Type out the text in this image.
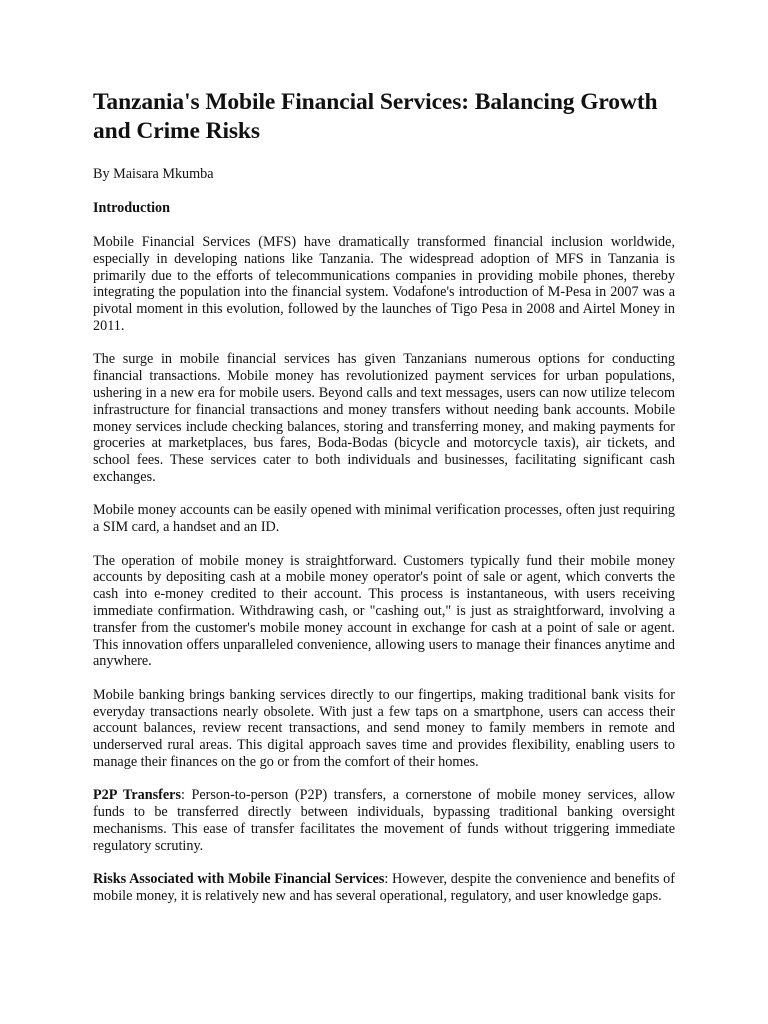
Tanzania's Mobile Financial Services: Balancing Growth and Crime Risks
By Maisara Mkumba
Introduction

Mobile Financial Services (MFS) have dramatically transformed financial inclusion worldwide, especially in developing nations like Tanzania. The widespread adoption of MFS in Tanzania is primarily due to the efforts of telecommunications companies in providing mobile phones, thereby integrating the population into the financial system. Vodafone's introduction of M-Pesa in 2007 was a pivotal moment in this evolution, followed by the launches of Tigo Pesa in 2008 and Airtel Money in 2011.

The surge in mobile financial services has given Tanzanians numerous options for conducting financial transactions. Mobile money has revolutionized payment services for urban populations, ushering in a new era for mobile users. Beyond calls and text messages, users can now utilize telecom infrastructure for financial transactions and money transfers without needing bank accounts. Mobile money services include checking balances, storing and transferring money, and making payments for groceries at marketplaces, bus fares, Boda-Bodas (bicycle and motorcycle taxis), air tickets, and school fees. These services cater to both individuals and businesses, facilitating significant cash exchanges.

Mobile money accounts can be easily opened with minimal verification processes, often just requiring a SIM card, a handset and an ID.

The operation of mobile money is straightforward. Customers typically fund their mobile money accounts by depositing cash at a mobile money operator's point of sale or agent, which converts the cash into e-money credited to their account. This process is instantaneous, with users receiving immediate confirmation. Withdrawing cash, or "cashing out," is just as straightforward, involving a transfer from the customer's mobile money account in exchange for cash at a point of sale or agent. This innovation offers unparalleled convenience, allowing users to manage their finances anytime and anywhere.

Mobile banking brings banking services directly to our fingertips, making traditional bank visits for everyday transactions nearly obsolete. With just a few taps on a smartphone, users can access their account balances, review recent transactions, and send money to family members in remote and underserved rural areas. This digital approach saves time and provides flexibility, enabling users to manage their finances on the go or from the comfort of their homes.

P2P Transfers: Person-to-person (P2P) transfers, a cornerstone of mobile money services, allow funds to be transferred directly between individuals, bypassing traditional banking oversight mechanisms. This ease of transfer facilitates the movement of funds without triggering immediate regulatory scrutiny.

Risks Associated with Mobile Financial Services: However, despite the convenience and benefits of mobile money, it is relatively new and has several operational, regulatory, and user knowledge gaps.
